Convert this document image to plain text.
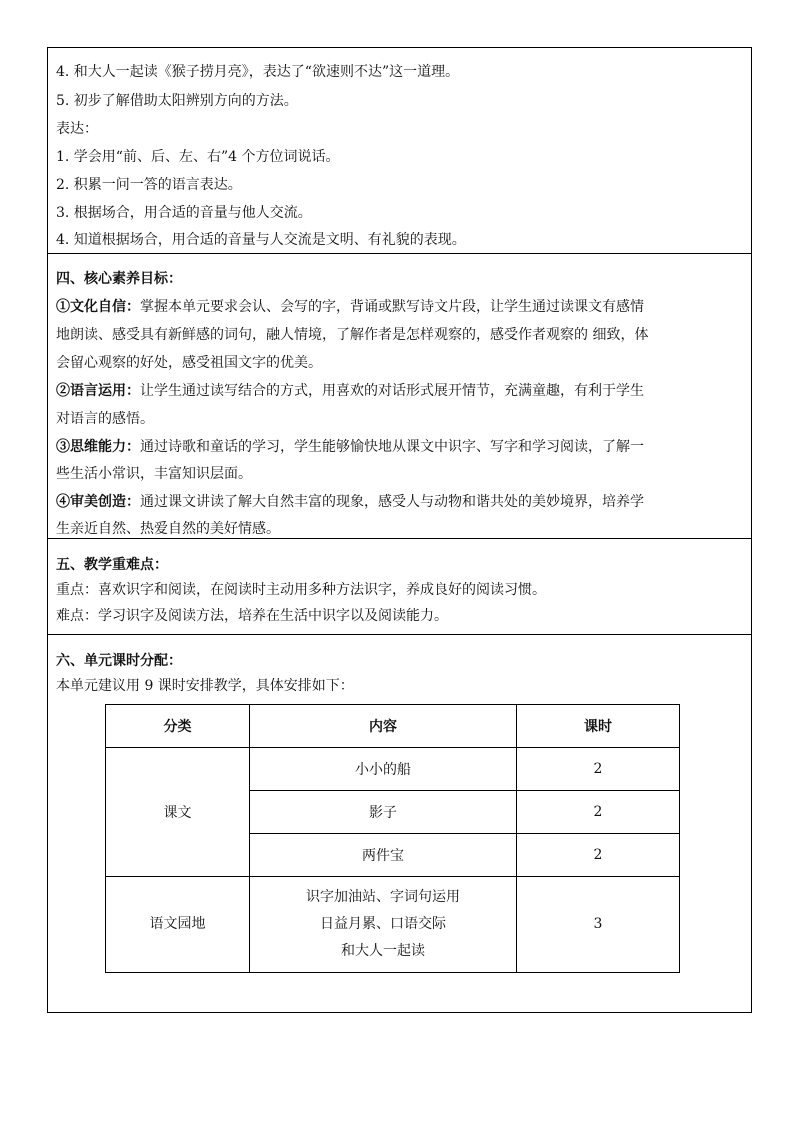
4. 和大人一起读《猴子捞月亮》，表达了“欲速则不达”这一道理。
5. 初步了解借助太阳辨别方向的方法。
表达：
1. 学会用“前、后、左、右”4 个方位词说话。
2. 积累一问一答的语言表达。
3. 根据场合，用合适的音量与他人交流。
4. 知道根据场合，用合适的音量与人交流是文明、有礼貌的表现。
四、核心素养目标：
①文化自信：掌握本单元要求会认、会写的字，背诵或默写诗文片段，让学生通过读课文有感情
地朗读、感受具有新鲜感的词句，融人情境，了解作者是怎样观察的，感受作者观察的 细致，体
会留心观察的好处，感受祖国文字的优美。
②语言运用：让学生通过读写结合的方式，用喜欢的对话形式展开情节，充满童趣，有利于学生
对语言的感悟。
③思维能力：通过诗歌和童话的学习，学生能够愉快地从课文中识字、写字和学习阅读，了解一
些生活小常识，丰富知识层面。
④审美创造：通过课文讲读了解大自然丰富的现象，感受人与动物和谐共处的美妙境界，培养学
生亲近自然、热爱自然的美好情感。
五、教学重难点：
重点：喜欢识字和阅读，在阅读时主动用多种方法识字，养成良好的阅读习惯。
难点：学习识字及阅读方法，培养在生活中识字以及阅读能力。
六、单元课时分配：
本单元建议用 9 课时安排教学，具体安排如下：
分类	内容	课时
课文	小小的船	2
	影子	2
	两件宝	2
语文园地	识字加油站、字词句运用
日益月累、口语交际
和大人一起读	3
